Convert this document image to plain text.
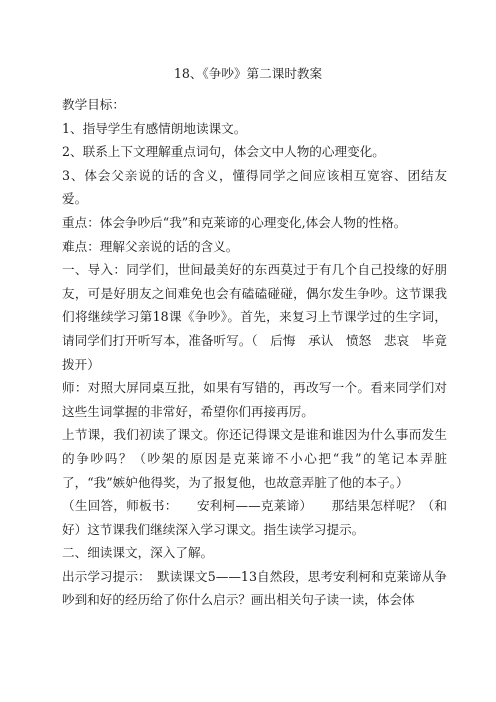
18、《争吵》第二课时教案

教学目标：

1、指导学生有感情朗地读课文。

2、联系上下文理解重点词句，体会文中人物的心理变化。

3、体会父亲说的话的含义，懂得同学之间应该相互宽容、团结友爱。

重点：体会争吵后“我”和克莱谛的心理变化,体会人物的性格。

难点：理解父亲说的话的含义。

一、导入：同学们，世间最美好的东西莫过于有几个自己投缘的好朋友，可是好朋友之间难免也会有磕磕碰碰，偶尔发生争吵。这节课我们将继续学习第18课《争吵》。首先，来复习上节课学过的生字词，请同学们打开听写本，准备听写。（　后悔　承认　愤怒　悲哀　毕竟　拨开）

师：对照大屏同桌互批，如果有写错的，再改写一个。看来同学们对这些生词掌握的非常好，希望你们再接再厉。

上节课，我们初读了课文。你还记得课文是谁和谁因为什么事而发生的争吵吗？（吵架的原因是克莱谛不小心把“我”的笔记本弄脏了，“我”嫉妒他得奖，为了报复他，也故意弄脏了他的本子。）

（生回答，师板书：　　安利柯——克莱谛）　　那结果怎样呢？（和好）这节课我们继续深入学习课文。指生读学习提示。

二、细读课文，深入了解。

出示学习提示：　默读课文5——13自然段，思考安利柯和克莱谛从争吵到和好的经历给了你什么启示？画出相关句子读一读，体会体
